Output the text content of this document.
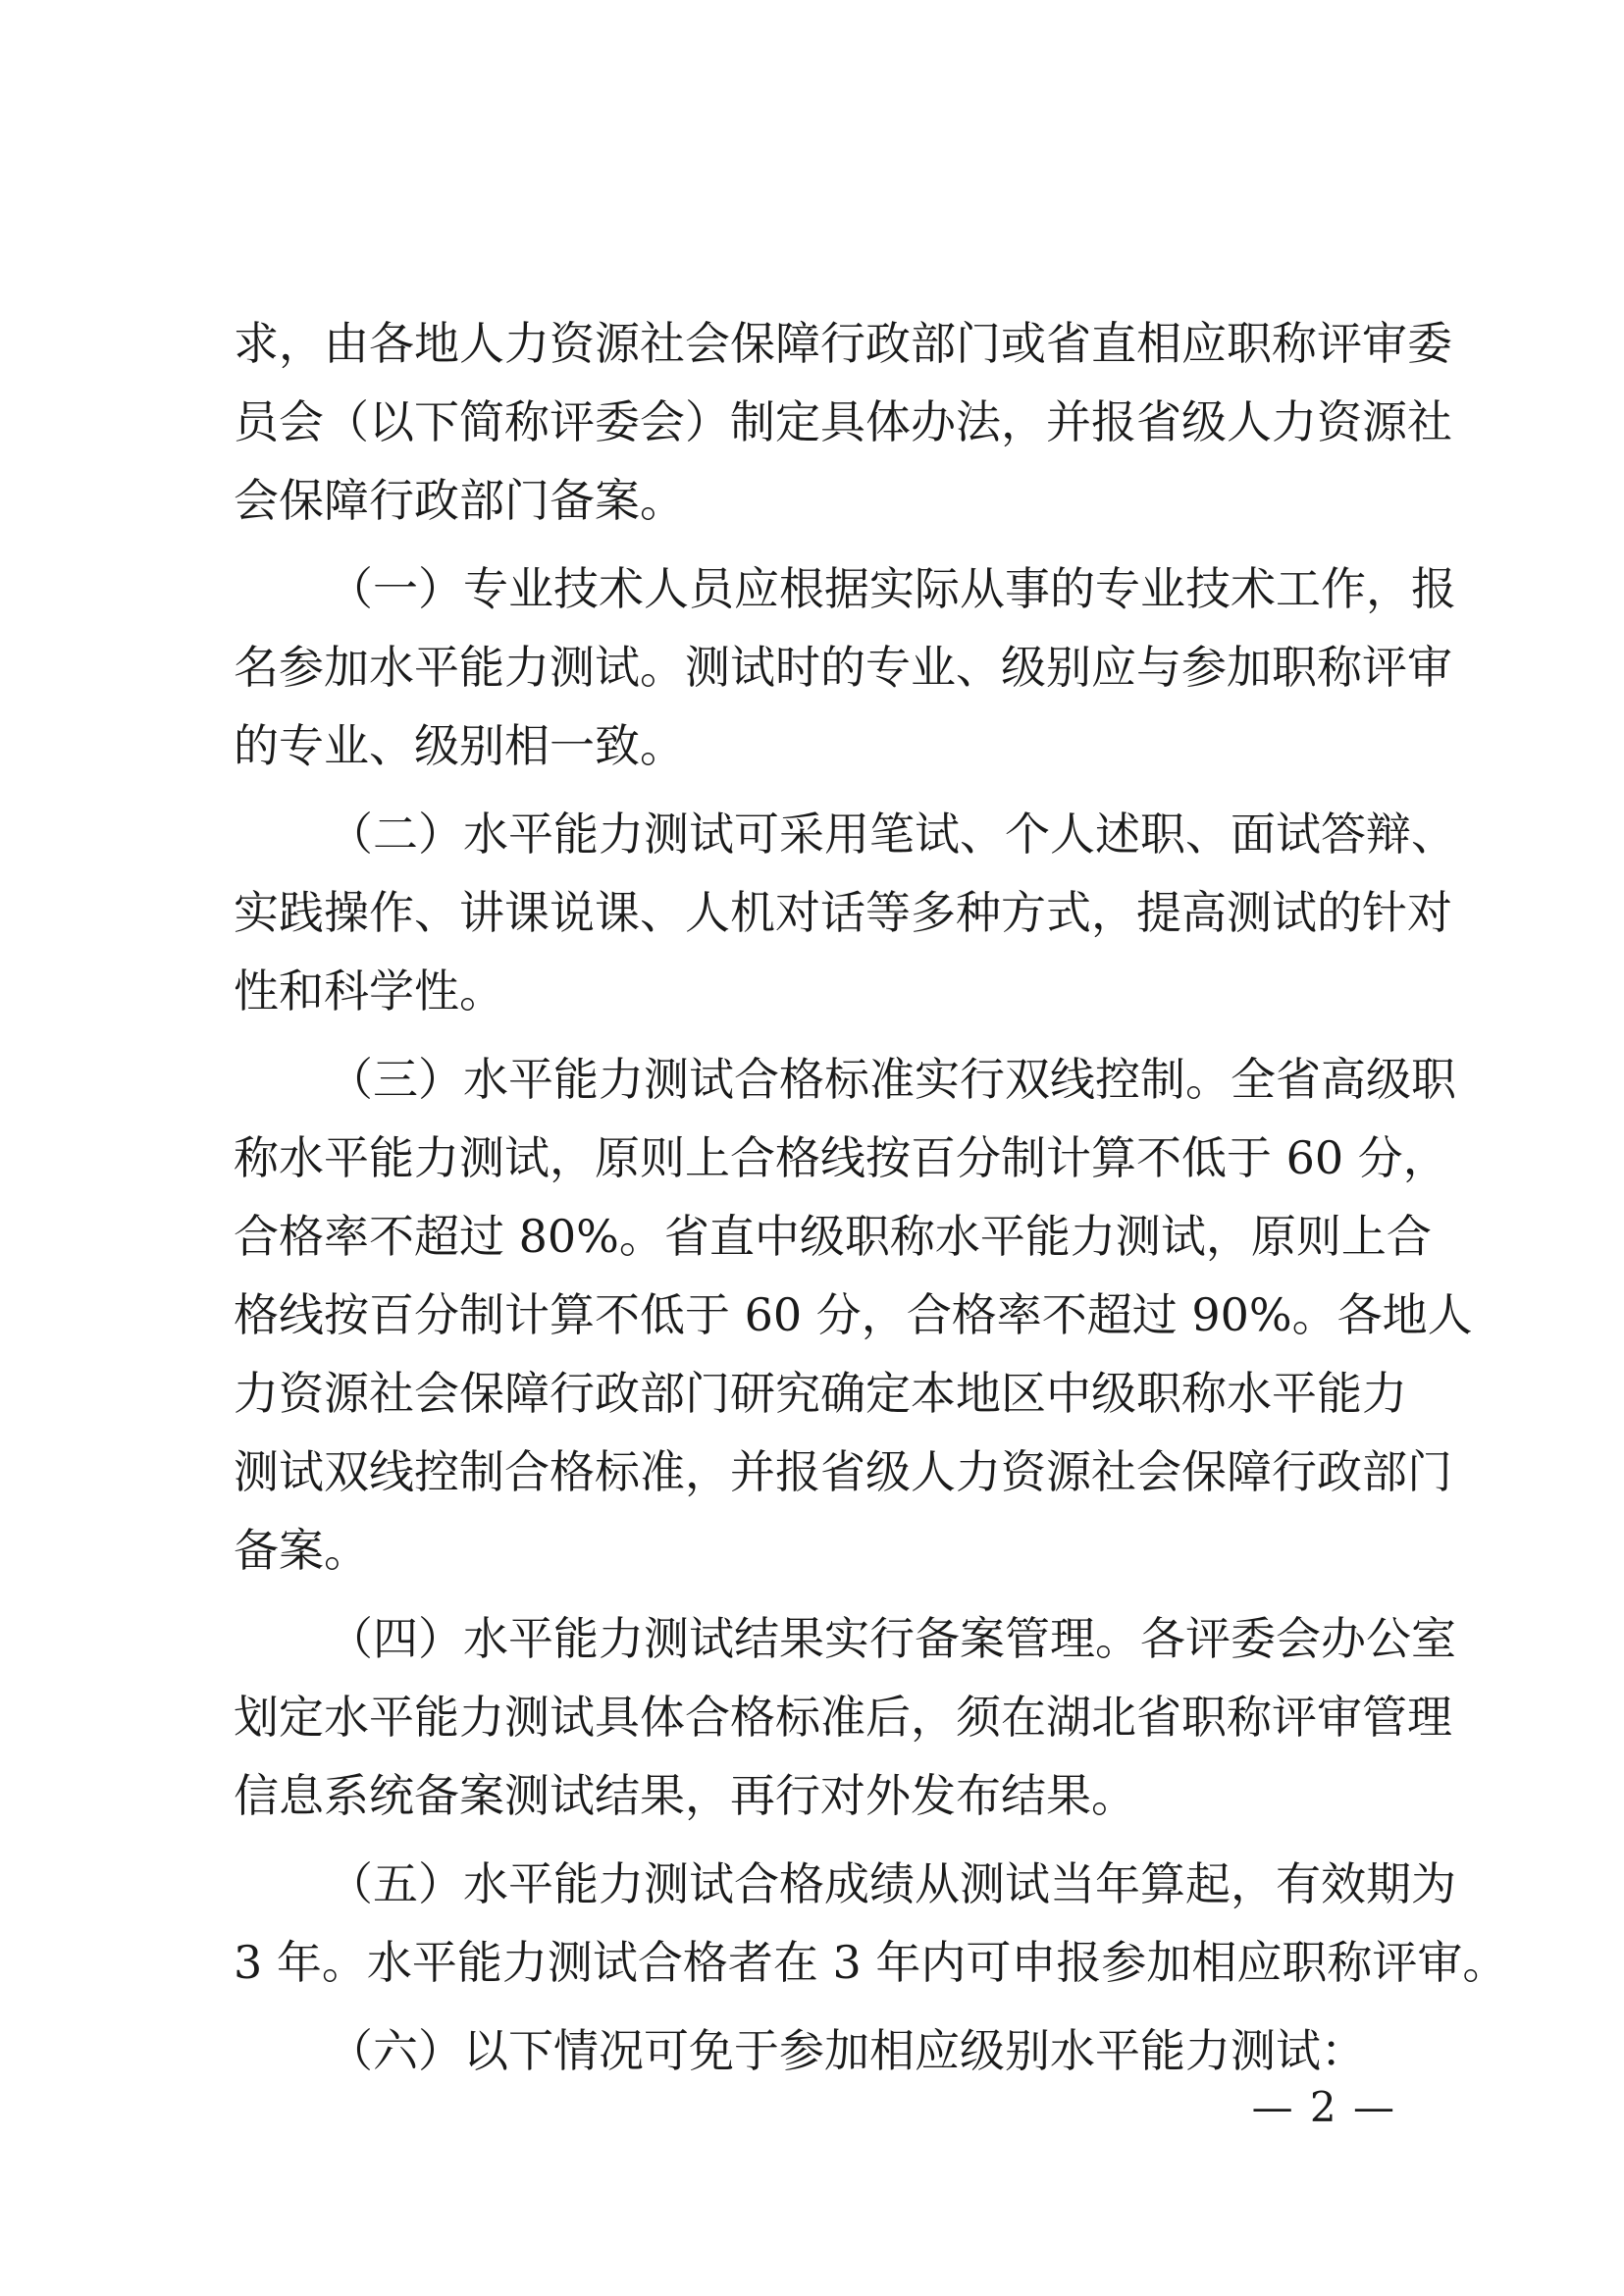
求，由各地人力资源社会保障行政部门或省直相应职称评审委
员会（以下简称评委会）制定具体办法，并报省级人力资源社
会保障行政部门备案。
（一）专业技术人员应根据实际从事的专业技术工作，报
名参加水平能力测试。测试时的专业、级别应与参加职称评审
的专业、级别相一致。
（二）水平能力测试可采用笔试、个人述职、面试答辩、
实践操作、讲课说课、人机对话等多种方式，提高测试的针对
性和科学性。
（三）水平能力测试合格标准实行双线控制。全省高级职
称水平能力测试，原则上合格线按百分制计算不低于 60 分，
合格率不超过 80%。省直中级职称水平能力测试，原则上合
格线按百分制计算不低于 60 分，合格率不超过 90%。各地人
力资源社会保障行政部门研究确定本地区中级职称水平能力
测试双线控制合格标准，并报省级人力资源社会保障行政部门
备案。
（四）水平能力测试结果实行备案管理。各评委会办公室
划定水平能力测试具体合格标准后，须在湖北省职称评审管理
信息系统备案测试结果，再行对外发布结果。
（五）水平能力测试合格成绩从测试当年算起，有效期为
3 年。水平能力测试合格者在 3 年内可申报参加相应职称评审。
（六）以下情况可免于参加相应级别水平能力测试：
— 2 —
